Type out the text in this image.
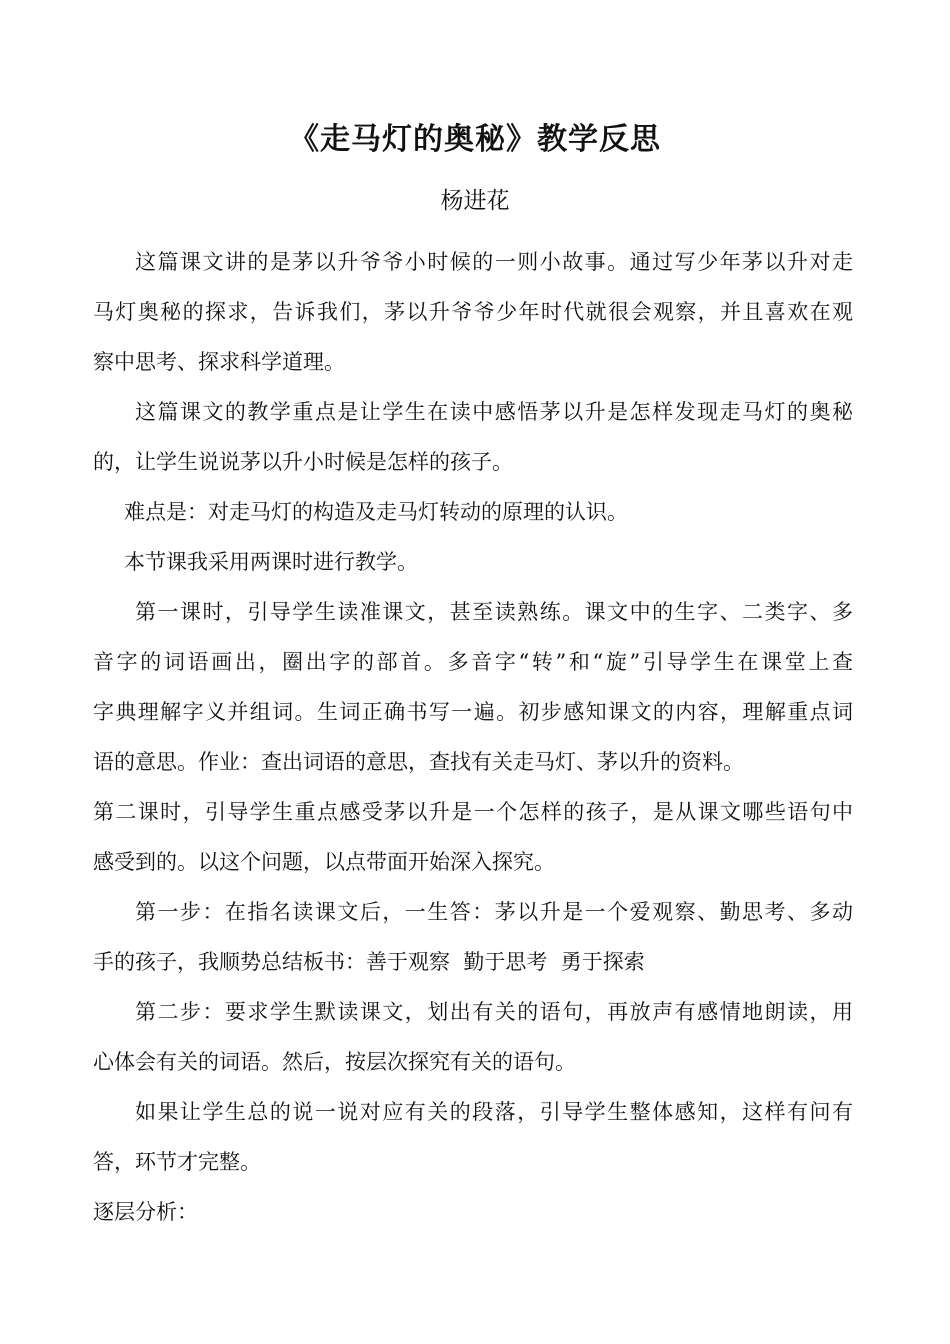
《走马灯的奥秘》教学反思
杨进花
这篇课文讲的是茅以升爷爷小时候的一则小故事。通过写少年茅以升对走
马灯奥秘的探求，告诉我们，茅以升爷爷少年时代就很会观察，并且喜欢在观
察中思考、探求科学道理。
这篇课文的教学重点是让学生在读中感悟茅以升是怎样发现走马灯的奥秘
的，让学生说说茅以升小时候是怎样的孩子。
难点是：对走马灯的构造及走马灯转动的原理的认识。
本节课我采用两课时进行教学。
第一课时，引导学生读准课文，甚至读熟练。课文中的生字、二类字、多
音字的词语画出，圈出字的部首。多音字“转”和“旋”引导学生在课堂上查
字典理解字义并组词。生词正确书写一遍。初步感知课文的内容，理解重点词
语的意思。作业：查出词语的意思，查找有关走马灯、茅以升的资料。
第二课时，引导学生重点感受茅以升是一个怎样的孩子，是从课文哪些语句中
感受到的。以这个问题，以点带面开始深入探究。
第一步：在指名读课文后，一生答：茅以升是一个爱观察、勤思考、多动
手的孩子，我顺势总结板书：善于观察  勤于思考  勇于探索
第二步：要求学生默读课文，划出有关的语句，再放声有感情地朗读，用
心体会有关的词语。然后，按层次探究有关的语句。
如果让学生总的说一说对应有关的段落，引导学生整体感知，这样有问有
答，环节才完整。
逐层分析：
